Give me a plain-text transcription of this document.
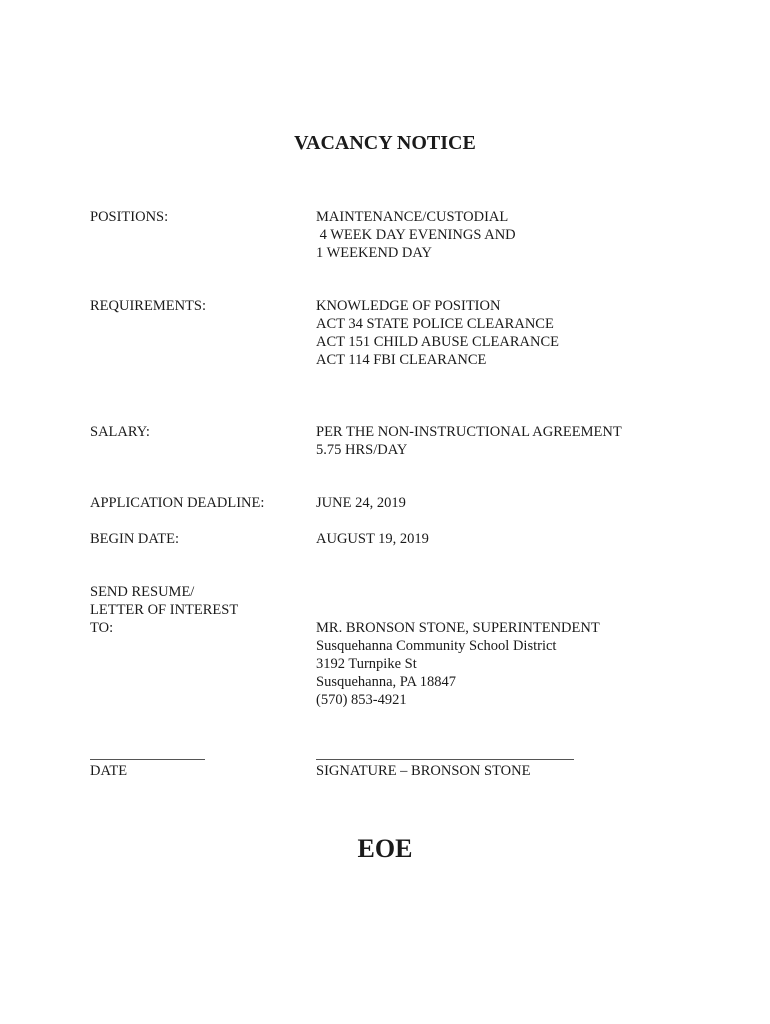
VACANCY NOTICE
POSITIONS:	MAINTENANCE/CUSTODIAL
4 WEEK DAY EVENINGS AND
1 WEEKEND DAY
REQUIREMENTS:	KNOWLEDGE OF POSITION
ACT 34 STATE POLICE CLEARANCE
ACT 151 CHILD ABUSE CLEARANCE
ACT 114 FBI CLEARANCE
SALARY:	PER THE NON-INSTRUCTIONAL AGREEMENT
5.75 HRS/DAY
APPLICATION DEADLINE:	JUNE 24, 2019
BEGIN DATE:	AUGUST 19, 2019
SEND RESUME/
LETTER OF INTEREST
TO:	MR. BRONSON STONE, SUPERINTENDENT
Susquehanna Community School District
3192 Turnpike St
Susquehanna, PA 18847
(570) 853-4921
DATE	SIGNATURE – BRONSON STONE
EOE
